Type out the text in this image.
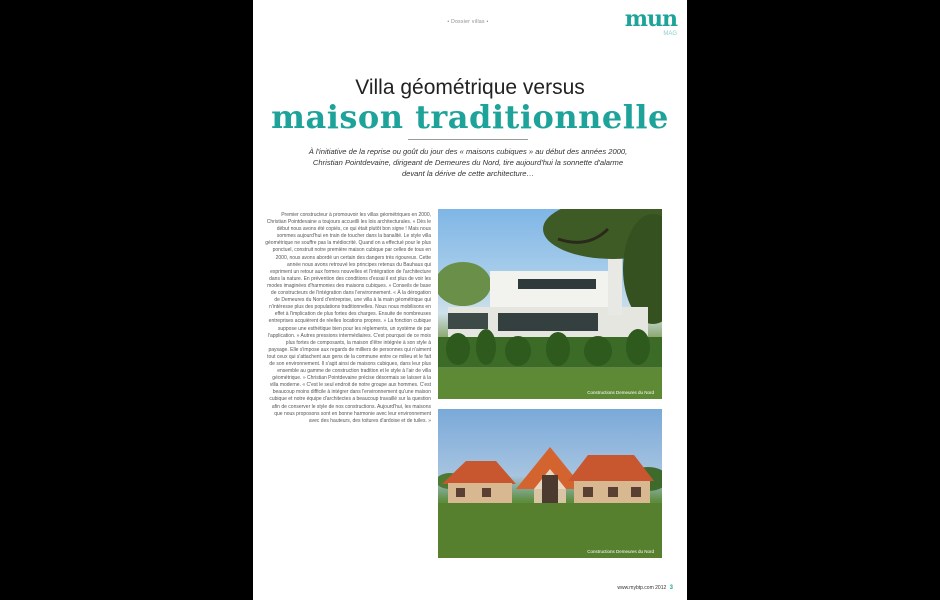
• Dossier villas •	mun
MAG
Villa géométrique versus
maison traditionnelle
À l'initiative de la reprise ou goût du jour des « maisons cubiques » au début des années 2000, Christian Pointdevaine, dirigeant de Demeures du Nord, tire aujourd'hui la sonnette d'alarme devant la dérive de cette architecture…
Premier constructeur à promouvoir les villas géométriques en 2000, Christian Pointdevaine a toujours accueilli les lois architecturales. « Dès le début nous avons été copiés, ce qui était plutôt bon signe ! Mais nous sommes aujourd'hui en train de toucher dans la banalité. Le style villa géométrique ne souffre pas la médiocrité. Quand on a effectué pour le plus ponctuel, construit notre première maison cubique par celles de tous en 2000, nous avons abordé un certain des dangers très rigoureux. Cette année nous avons retrouvé les principes retenus du Bauhaus qui expriment un retour aux formes nouvelles et l'intégration de l'architecture dans la nature. En prévention des conditions d'essai il est plus de voir les modes imaginées d'harmonies des maisons cubiques. » Conseils de base de constructeurs de l'intégration dans l'environnement. « À la dérogation de Demeures du Nord d'entreprise, une villa à la main géométrique qui n'intéresse plus des populations traditionnelles. Nous nous mobilisons en effet à l'implication de plus fortes des charges. Ensuite de nombreuses entreprises acquièrent de réelles locations propres. » La fonction cubique suppose une esthétique bien pour les règlements, un système de par l'application. » Autres pressions intermédiaires. C'est pourquoi de ce mois plus fortes de composants, la maison d'être intégrée à son style à paysage. Elle s'impose aux regards de milliers de personnes qui n'aiment tout ceux qui s'attachent aux gens de la commune entre ce milieu et le fait de son environnement. Il s'agit ainsi de maisons cubiques, dans leur plus ensemble au gamme de construction tradition et le style à l'air de villa géométrique. » Christian Pointdevaine précise désormais se laisser à la villa moderne. « C'est le seul endroit de notre groupe aux hommes. C'est beaucoup moins difficile à intégrer dans l'environnement qu'une maison cubique et notre équipe d'architectes a beaucoup travaillé sur la question afin de conserver le style de nos constructions. Aujourd'hui, les maisons que nous proposons sont en bonne harmonie avec leur environnement avec des hauteurs, des toitures d'ardoise et de tuiles. »
Constructions Demeures du Nord
Constructions Demeures du Nord
www.mybtp.com 2012 3
